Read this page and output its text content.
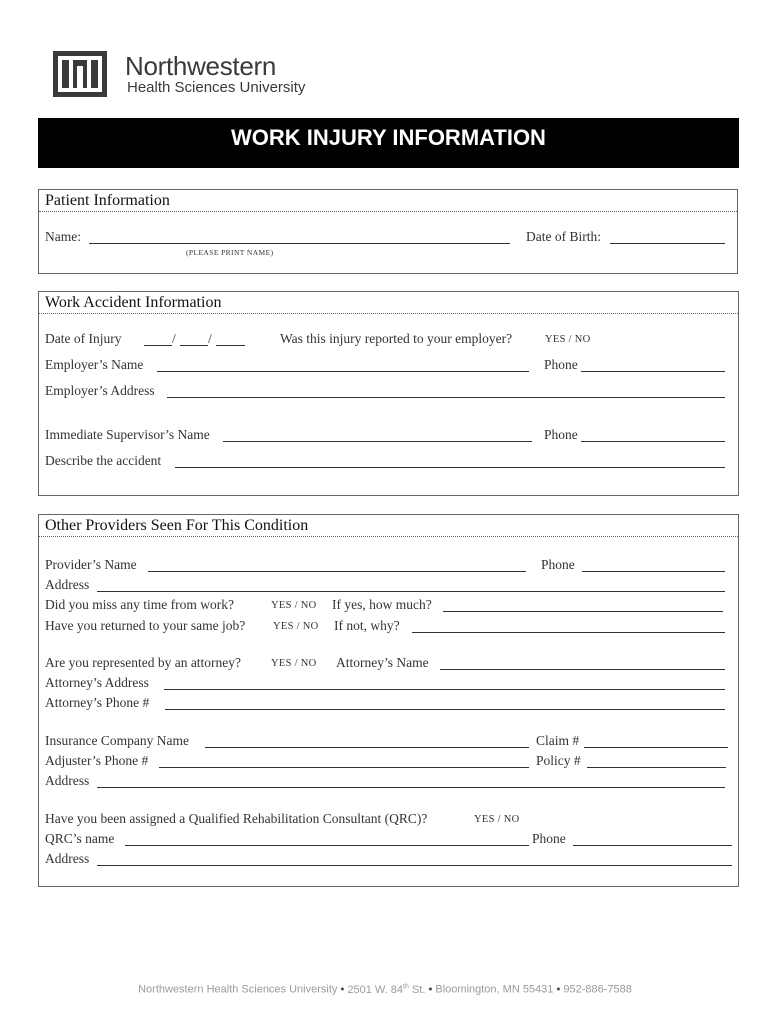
Northwestern
Health Sciences University
WORK INJURY INFORMATION
Patient Information
Name:
(PLEASE PRINT NAME)
Date of Birth:
Work Accident Information
Date of Injury	/ /	Was this injury reported to your employer?	YES / NO
Employer’s Name	Phone
Employer’s Address
Immediate Supervisor’s Name	Phone
Describe the accident
Other Providers Seen For This Condition
Provider’s Name	Phone
Address
Did you miss any time from work?	YES / NO If yes, how much?
Have you returned to your same job?	YES / NO If not, why?
Are you represented by an attorney?	YES / NO Attorney’s Name
Attorney’s Address
Attorney’s Phone #
Insurance Company Name	Claim #
Adjuster’s Phone #	Policy #
Address
Have you been assigned a Qualified Rehabilitation Consultant (QRC)?	YES / NO
QRC’s name	Phone
Address
Northwestern Health Sciences University • 2501 W. 84th St. • Bloomington, MN 55431 • 952-886-7588
